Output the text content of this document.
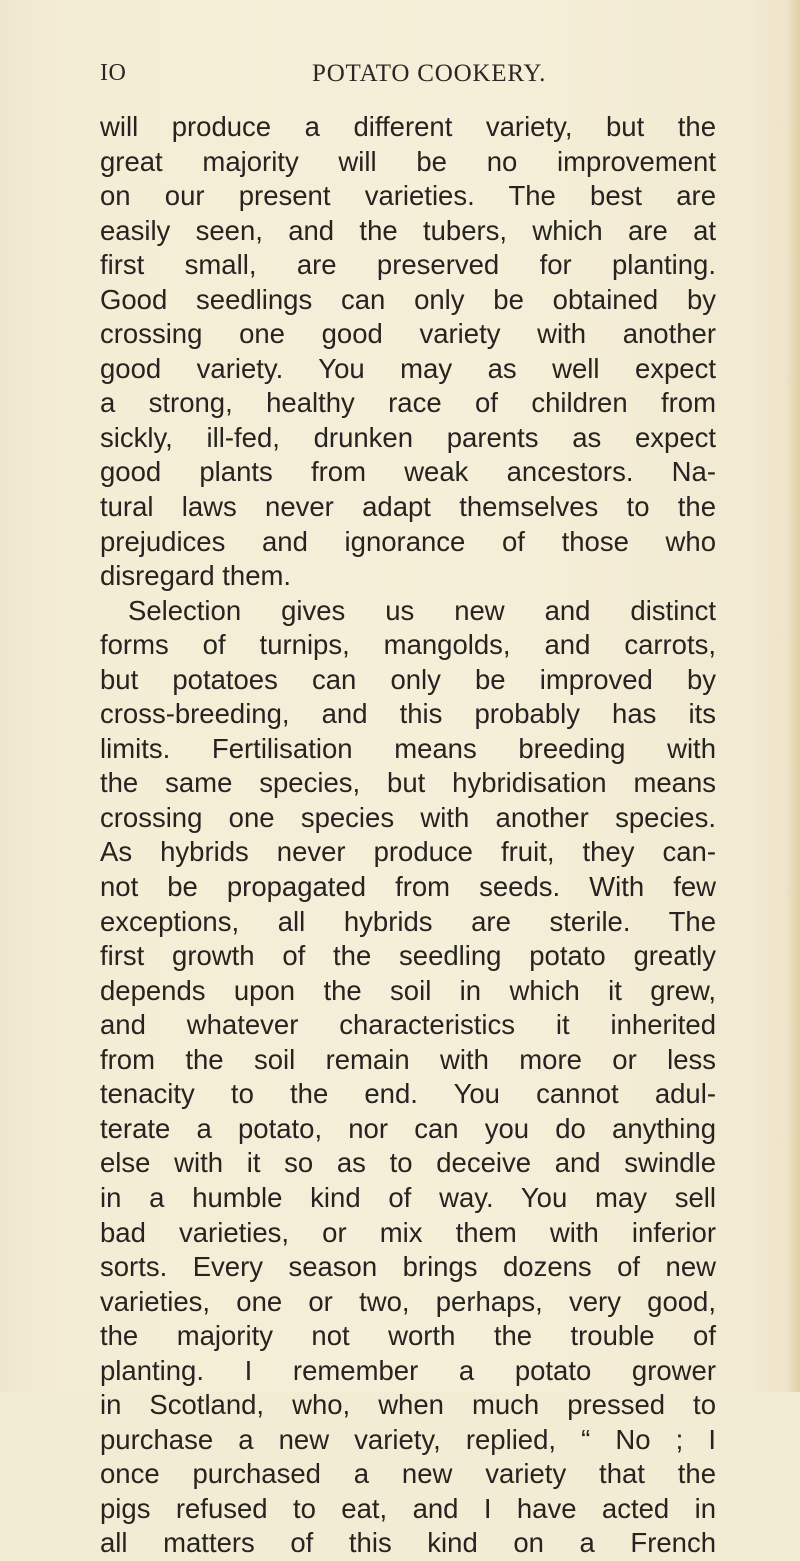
IO	POTATO COOKERY.
will produce a different variety, but the
great majority will be no improvement
on our present varieties. The best are
easily seen, and the tubers, which are at
first small, are preserved for planting.
Good seedlings can only be obtained by
crossing one good variety with another
good variety. You may as well expect
a strong, healthy race of children from
sickly, ill-fed, drunken parents as expect
good plants from weak ancestors. Na-
tural laws never adapt themselves to the
prejudices and ignorance of those who
disregard them.
Selection gives us new and distinct
forms of turnips, mangolds, and carrots,
but potatoes can only be improved by
cross-breeding, and this probably has its
limits. Fertilisation means breeding with
the same species, but hybridisation means
crossing one species with another species.
As hybrids never produce fruit, they can-
not be propagated from seeds. With few
exceptions, all hybrids are sterile. The
first growth of the seedling potato greatly
depends upon the soil in which it grew,
and whatever characteristics it inherited
from the soil remain with more or less
tenacity to the end. You cannot adul-
terate a potato, nor can you do anything
else with it so as to deceive and swindle
in a humble kind of way. You may sell
bad varieties, or mix them with inferior
sorts. Every season brings dozens of new
varieties, one or two, perhaps, very good,
the majority not worth the trouble of
planting. I remember a potato grower
in Scotland, who, when much pressed to
purchase a new variety, replied, “ No ; I
once purchased a new variety that the
pigs refused to eat, and I have acted in
all matters of this kind on a French
